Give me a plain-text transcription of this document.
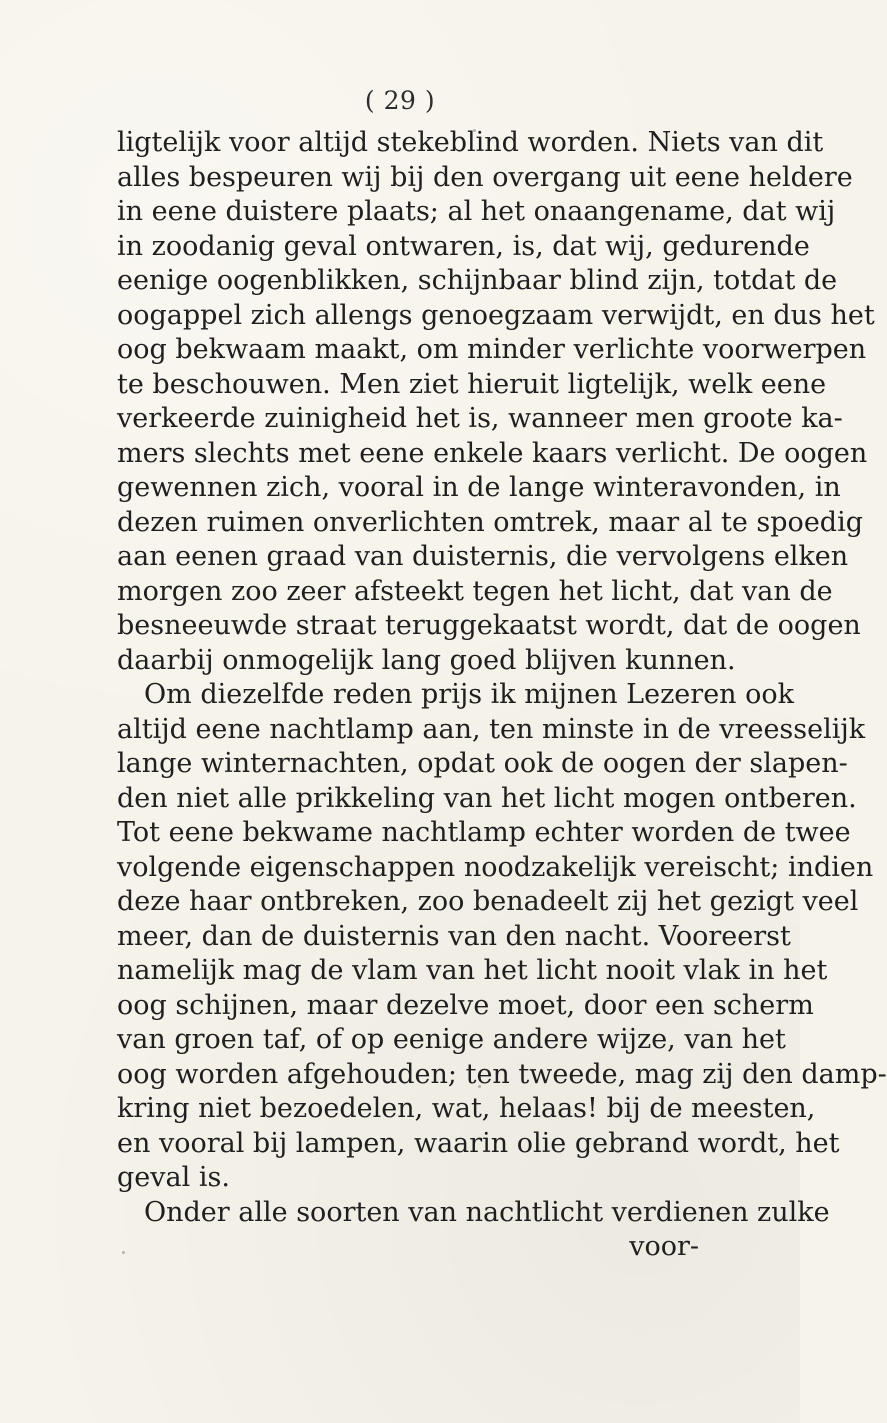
( 29 )
ligtelijk voor altijd stekeblind worden. Niets van dit
alles bespeuren wij bij den overgang uit eene heldere
in eene duistere plaats; al het onaangename, dat wij
in zoodanig geval ontwaren, is, dat wij, gedurende
eenige oogenblikken, schijnbaar blind zijn, totdat de
oogappel zich allengs genoegzaam verwijdt, en dus het
oog bekwaam maakt, om minder verlichte voorwerpen
te beschouwen. Men ziet hieruit ligtelijk, welk eene
verkeerde zuinigheid het is, wanneer men groote ka-
mers slechts met eene enkele kaars verlicht. De oogen
gewennen zich, vooral in de lange winteravonden, in
dezen ruimen onverlichten omtrek, maar al te spoedig
aan eenen graad van duisternis, die vervolgens elken
morgen zoo zeer afsteekt tegen het licht, dat van de
besneeuwde straat teruggekaatst wordt, dat de oogen
daarbij onmogelijk lang goed blijven kunnen.
Om diezelfde reden prijs ik mijnen Lezeren ook
altijd eene nachtlamp aan, ten minste in de vreesselijk
lange winternachten, opdat ook de oogen der slapen-
den niet alle prikkeling van het licht mogen ontberen.
Tot eene bekwame nachtlamp echter worden de twee
volgende eigenschappen noodzakelijk vereischt; indien
deze haar ontbreken, zoo benadeelt zij het gezigt veel
meer, dan de duisternis van den nacht. Vooreerst
namelijk mag de vlam van het licht nooit vlak in het
oog schijnen, maar dezelve moet, door een scherm
van groen taf, of op eenige andere wijze, van het
oog worden afgehouden; ten tweede, mag zij den damp-
kring niet bezoedelen, wat, helaas! bij de meesten,
en vooral bij lampen, waarin olie gebrand wordt, het
geval is.
Onder alle soorten van nachtlicht verdienen zulke
voor-
